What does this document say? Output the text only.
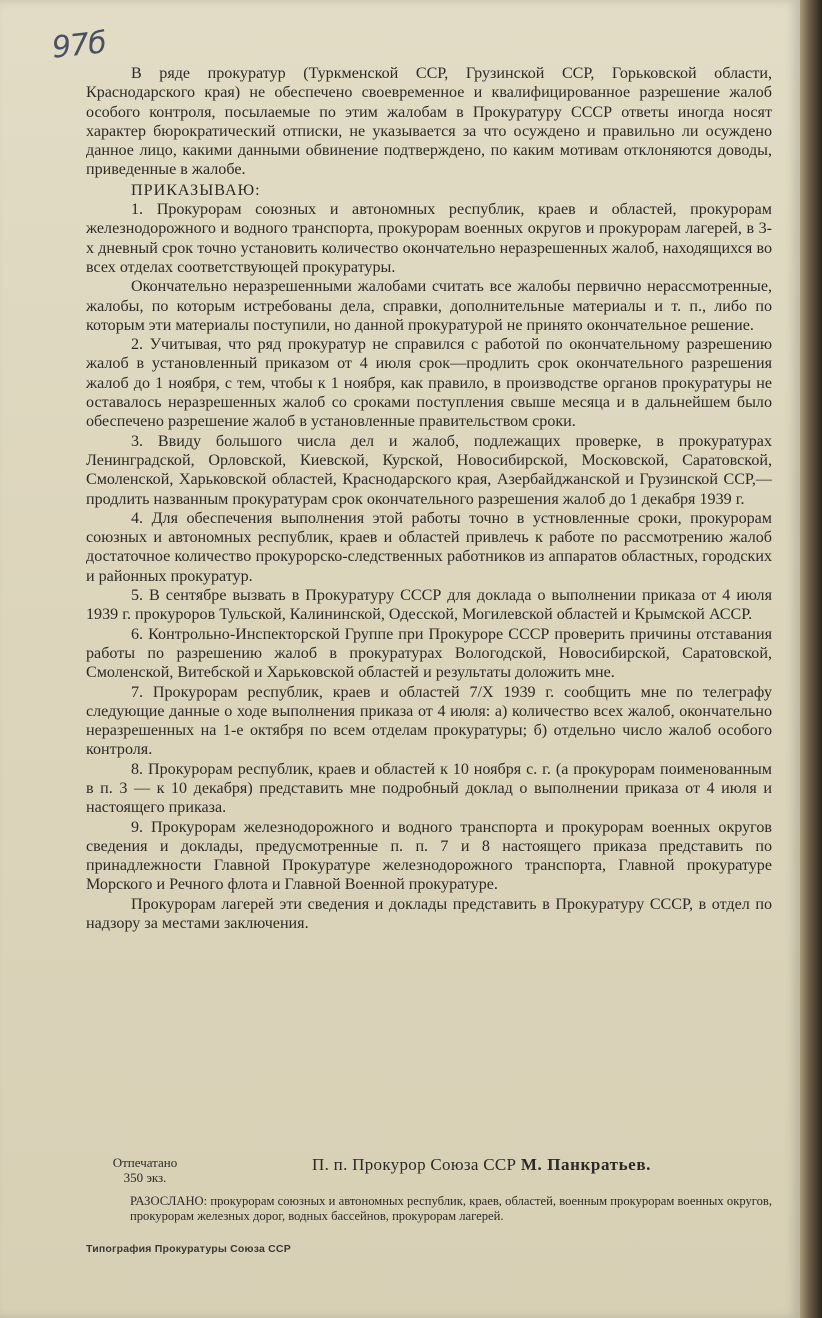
97б

В ряде прокуратур (Туркменской ССР, Грузинской ССР, Горьковской области, Краснодарского края) не обеспечено своевременное и квалифицированное разрешение жалоб особого контроля, посылаемые по этим жалобам в Прокуратуру СССР ответы иногда носят характер бюрократический отписки, не указывается за что осуждено и правильно ли осуждено данное лицо, какими данными обвинение подтверждено, по каким мотивам отклоняются доводы, приведенные в жалобе.

ПРИКАЗЫВАЮ:

1. Прокурорам союзных и автономных республик, краев и областей, прокурорам железнодорожного и водного транспорта, прокурорам военных округов и прокурорам лагерей, в 3-х дневный срок точно установить количество окончательно неразрешенных жалоб, находящихся во всех отделах соответствующей прокуратуры.

Окончательно неразрешенными жалобами считать все жалобы первично нерассмотренные, жалобы, по которым истребованы дела, справки, дополнительные материалы и т. п., либо по которым эти материалы поступили, но данной прокуратурой не принято окончательное решение.

2. Учитывая, что ряд прокуратур не справился с работой по окончательному разрешению жалоб в установленный приказом от 4 июля срок—продлить срок окончательного разрешения жалоб до 1 ноября, с тем, чтобы к 1 ноября, как правило, в производстве органов прокуратуры не оставалось неразрешенных жалоб со сроками поступления свыше месяца и в дальнейшем было обеспечено разрешение жалоб в установленные правительством сроки.

3. Ввиду большого числа дел и жалоб, подлежащих проверке, в прокуратурах Ленинградской, Орловской, Киевской, Курской, Новосибирской, Московской, Саратовской, Смоленской, Харьковской областей, Краснодарского края, Азербайджанской и Грузинской ССР,—продлить названным прокуратурам срок окончательного разрешения жалоб до 1 декабря 1939 г.

4. Для обеспечения выполнения этой работы точно в устновленные сроки, прокурорам союзных и автономных республик, краев и областей привлечь к работе по рассмотрению жалоб достаточное количество прокурорско-следственных работников из аппаратов областных, городских и районных прокуратур.

5. В сентябре вызвать в Прокуратуру СССР для доклада о выполнении приказа от 4 июля 1939 г. прокуроров Тульской, Калининской, Одесской, Могилевской областей и Крымской АССР.

6. Контрольно-Инспекторской Группе при Прокуроре СССР проверить причины отставания работы по разрешению жалоб в прокуратурах Вологодской, Новосибирской, Саратовской, Смоленской, Витебской и Харьковской областей и результаты доложить мне.

7. Прокурорам республик, краев и областей 7/X 1939 г. сообщить мне по телеграфу следующие данные о ходе выполнения приказа от 4 июля: а) количество всех жалоб, окончательно неразрешенных на 1-е октября по всем отделам прокуратуры; б) отдельно число жалоб особого контроля.

8. Прокурорам республик, краев и областей к 10 ноября с. г. (а прокурорам поименованным в п. 3 — к 10 декабря) представить мне подробный доклад о выполнении приказа от 4 июля и настоящего приказа.

9. Прокурорам железнодорожного и водного транспорта и прокурорам военных округов сведения и доклады, предусмотренные п. п. 7 и 8 настоящего приказа представить по принадлежности Главной Прокуратуре железнодорожного транспорта, Главной прокуратуре Морского и Речного флота и Главной Военной прокуратуре.

Прокурорам лагерей эти сведения и доклады представить в Прокуратуру СССР, в отдел по надзору за местами заключения.

Отпечатано
350 экз.
П. п. Прокурор Союза ССР М. Панкратьев.
РАЗОСЛАНО: прокурорам союзных и автономных республик, краев, областей, военным прокурорам военных округов, прокурорам железных дорог, водных бассейнов, прокурорам лагерей.
Типография Прокуратуры Союза ССР
